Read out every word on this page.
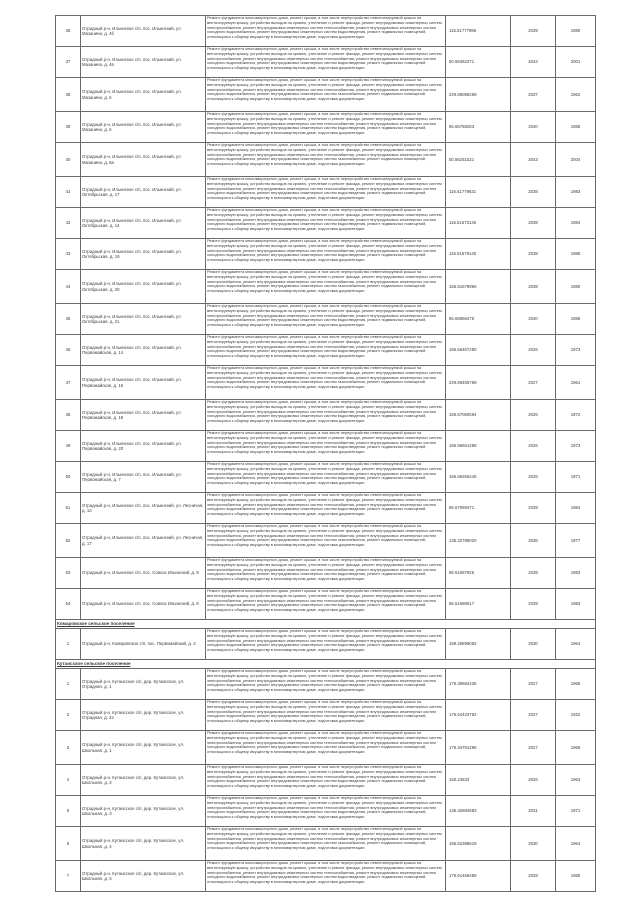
36	Отрадный р-н, Ильинское с/п, пос. Ильинский, ул. Мазанина, д. 4б	Ремонт фундамента многоквартирного дома, ремонт крыши, в том числе переустройство невентилируемой крыши на вентилируемую крышу, устройство выходов на кровлю, утепление и ремонт фасада, ремонт внутридомовых инженерных систем электроснабжения, ремонт внутридомовых инженерных систем теплоснабжения, ремонт внутридомовых инженерных систем холодного водоснабжения, ремонт внутридомовых инженерных систем водоотведения, ремонт подвальных помещений, относящихся к общему имуществу в многоквартирном доме, подготовка документации	115.51777986	2039	1980
37	Отрадный р-н, Ильинское с/п, пос. Ильинский, ул. Мазанина, д. 4в	Ремонт фундамента многоквартирного дома, ремонт крыши, в том числе переустройство невентилируемой крыши на вентилируемую крышу, устройство выходов на кровлю, утепление и ремонт фасада, ремонт внутридомовых инженерных систем электроснабжения, ремонт внутридомовых инженерных систем теплоснабжения, ремонт внутридомовых инженерных систем холодного водоснабжения, ремонт внутридомовых инженерных систем водоотведения, ремонт подвальных помещений, относящихся к общему имуществу в многоквартирном доме, подготовка документации	50.56352271	2043	2001
38	Отрадный р-н, Ильинское с/п, пос. Ильинский, ул. Мазанина, д. 5	Ремонт фундамента многоквартирного дома, ремонт крыши, в том числе переустройство невентилируемой крыши на вентилируемую крышу, устройство выходов на кровлю, утепление и ремонт фасада, ремонт внутридомовых инженерных систем электроснабжения, ремонт внутридомовых инженерных систем теплоснабжения, ремонт внутридомовых инженерных систем холодного водоснабжения, ремонт внутридомовых инженерных систем газоснабжения, ремонт подвальных помещений, относящихся к общему имуществу в многоквартирном доме, подготовка документации	229.69088259	2037	1962
39	Отрадный р-н, Ильинское с/п, пос. Ильинский, ул. Мазанина, д. 6	Ремонт фундамента многоквартирного дома, ремонт крыши, в том числе переустройство невентилируемой крыши на вентилируемую крышу, устройство выходов на кровлю, утепление и ремонт фасада, ремонт внутридомовых инженерных систем электроснабжения, ремонт внутридомовых инженерных систем теплоснабжения, ремонт внутридомовых инженерных систем холодного водоснабжения, ремонт внутридомовых инженерных систем водоотведения, ремонт подвальных помещений, относящихся к общему имуществу в многоквартирном доме, подготовка документации	86.66768283	2040	1985
40	Отрадный р-н, Ильинское с/п, пос. Ильинский, ул. Мазанина, д. 6а	Ремонт фундамента многоквартирного дома, ремонт крыши, в том числе переустройство невентилируемой крыши на вентилируемую крышу, устройство выходов на кровлю, утепление и ремонт фасада, ремонт внутридомовых инженерных систем электроснабжения, ремонт внутридомовых инженерных систем теплоснабжения, ремонт внутридомовых инженерных систем холодного водоснабжения, ремонт внутридомовых инженерных систем газоснабжения, ремонт подвальных помещений, относящихся к общему имуществу в многоквартирном доме, подготовка документации	50.56251521	2043	2004
41	Отрадный р-н, Ильинское с/п, пос. Ильинский, ул. Октябрьская, д. 17	Ремонт фундамента многоквартирного дома, ремонт крыши, в том числе переустройство невентилируемой крыши на вентилируемую крышу, устройство выходов на кровлю, утепление и ремонт фасада, ремонт внутридомовых инженерных систем электроснабжения, ремонт внутридомовых инженерных систем теплоснабжения, ремонт внутридомовых инженерных систем холодного водоснабжения, ремонт внутридомовых инженерных систем водоотведения, ремонт подвальных помещений, относящихся к общему имуществу в многоквартирном доме, подготовка документации	116.51779631	2038	1983
42	Отрадный р-н, Ильинское с/п, пос. Ильинский, ул. Октябрьская, д. 14	Ремонт фундамента многоквартирного дома, ремонт крыши, в том числе переустройство невентилируемой крыши на вентилируемую крышу, устройство выходов на кровлю, утепление и ремонт фасада, ремонт внутридомовых инженерных систем электроснабжения, ремонт внутридомовых инженерных систем теплоснабжения, ремонт внутридомовых инженерных систем холодного водоснабжения, ремонт внутридомовых инженерных систем водоотведения, ремонт подвальных помещений, относящихся к общему имуществу в многоквартирном доме, подготовка документации	116.51673146	2038	1984
43	Отрадный р-н, Ильинское с/п, пос. Ильинский, ул. Октябрьская, д. 19	Ремонт фундамента многоквартирного дома, ремонт крыши, в том числе переустройство невентилируемой крыши на вентилируемую крышу, устройство выходов на кровлю, утепление и ремонт фасада, ремонт внутридомовых инженерных систем электроснабжения, ремонт внутридомовых инженерных систем теплоснабжения, ремонт внутридомовых инженерных систем холодного водоснабжения, ремонт внутридомовых инженерных систем водоотведения, ремонт подвальных помещений, относящихся к общему имуществу в многоквартирном доме, подготовка документации	115.51679145	2038	1985
44	Отрадный р-н, Ильинское с/п, пос. Ильинский, ул. Октябрьская, д. 20	Ремонт фундамента многоквартирного дома, ремонт крыши, в том числе переустройство невентилируемой крыши на вентилируемую крышу, устройство выходов на кровлю, утепление и ремонт фасада, ремонт внутридомовых инженерных систем электроснабжения, ремонт внутридомовых инженерных систем теплоснабжения, ремонт внутридомовых инженерных систем холодного водоснабжения, ремонт внутридомовых инженерных систем газоснабжения, ремонт подвальных помещений, относящихся к общему имуществу в многоквартирном доме, подготовка документации	155.51578966	2038	1980
45	Отрадный р-н, Ильинское с/п, пос. Ильинский, ул. Октябрьская, д. 21	Ремонт фундамента многоквартирного дома, ремонт крыши, в том числе переустройство невентилируемой крыши на вентилируемую крышу, устройство выходов на кровлю, утепление и ремонт фасада, ремонт внутридомовых инженерных систем электроснабжения, ремонт внутридомовых инженерных систем теплоснабжения, ремонт внутридомовых инженерных систем холодного водоснабжения, ремонт внутридомовых инженерных систем водоотведения, ремонт подвальных помещений, относящихся к общему имуществу в многоквартирном доме, подготовка документации	86.66966476	2040	1986
46	Отрадный р-н, Ильинское с/п, пос. Ильинский, ул. Первомайская, д. 14	Ремонт фундамента многоквартирного дома, ремонт крыши, в том числе переустройство невентилируемой крыши на вентилируемую крышу, устройство выходов на кровлю, утепление и ремонт фасада, ремонт внутридомовых инженерных систем электроснабжения, ремонт внутридомовых инженерных систем теплоснабжения, ремонт внутридомовых инженерных систем холодного водоснабжения, ремонт внутридомовых инженерных систем водоотведения, ремонт подвальных помещений, относящихся к общему имуществу в многоквартирном доме, подготовка документации	166.56467280	2026	1973
47	Отрадный р-н, Ильинское с/п, пос. Ильинский, ул. Первомайская, д. 16	Ремонт фундамента многоквартирного дома, ремонт крыши, в том числе переустройство невентилируемой крыши на вентилируемую крышу, устройство выходов на кровлю, утепление и ремонт фасада, ремонт внутридомовых инженерных систем электроснабжения, ремонт внутридомовых инженерных систем теплоснабжения, ремонт внутридомовых инженерных систем холодного водоснабжения, ремонт внутридомовых инженерных систем газоснабжения, ремонт подвальных помещений, относящихся к общему имуществу в многоквартирном доме, подготовка документации	229.69465769	2027	1961
48	Отрадный р-н, Ильинское с/п, пос. Ильинский, ул. Первомайская, д. 18	Ремонт фундамента многоквартирного дома, ремонт крыши, в том числе переустройство невентилируемой крыши на вентилируемую крышу, устройство выходов на кровлю, утепление и ремонт фасада, ремонт внутридомовых инженерных систем электроснабжения, ремонт внутридомовых инженерных систем теплоснабжения, ремонт внутридомовых инженерных систем холодного водоснабжения, ремонт внутридомовых инженерных систем водоотведения, ремонт подвальных помещений, относящихся к общему имуществу в многоквартирном доме, подготовка документации	166.57060594	2026	1972
49	Отрадный р-н, Ильинское с/п, пос. Ильинский, ул. Первомайская, д. 20	Ремонт фундамента многоквартирного дома, ремонт крыши, в том числе переустройство невентилируемой крыши на вентилируемую крышу, устройство выходов на кровлю, утепление и ремонт фасада, ремонт внутридомовых инженерных систем электроснабжения, ремонт внутридомовых инженерных систем теплоснабжения, ремонт внутридомовых инженерных систем холодного водоснабжения, ремонт внутридомовых инженерных систем водоотведения, ремонт подвальных помещений, относящихся к общему имуществу в многоквартирном доме, подготовка документации	166.56661288	2026	1973
50	Отрадный р-н, Ильинское с/п, пос. Ильинский, ул. Первомайская, д. 7	Ремонт фундамента многоквартирного дома, ремонт крыши, в том числе переустройство невентилируемой крыши на вентилируемую крышу, устройство выходов на кровлю, утепление и ремонт фасада, ремонт внутридомовых инженерных систем электроснабжения, ремонт внутридомовых инженерных систем теплоснабжения, ремонт внутридомовых инженерных систем холодного водоснабжения, ремонт внутридомовых инженерных систем водоотведения, ремонт подвальных помещений, относящихся к общему имуществу в многоквартирном доме, подготовка документации	166.56266246	2026	1971
51	Отрадный р-н, Ильинское с/п, пос. Ильинский, ул. Лесничая, д. 13	Ремонт фундамента многоквартирного дома, ремонт крыши, в том числе переустройство невентилируемой крыши на вентилируемую крышу, устройство выходов на кровлю, утепление и ремонт фасада, ремонт внутридомовых инженерных систем электроснабжения, ремонт внутридомовых инженерных систем теплоснабжения, ремонт внутридомовых инженерных систем холодного водоснабжения, ремонт внутридомовых инженерных систем водоотведения, ремонт подвальных помещений, относящихся к общему имуществу в многоквартирном доме, подготовка документации	86.67069471	2039	1984
52	Отрадный р-н, Ильинское с/п, пос. Ильинский, ул. Лесничая, д. 17	Ремонт фундамента многоквартирного дома, ремонт крыши, в том числе переустройство невентилируемой крыши на вентилируемую крышу, устройство выходов на кровлю, утепление и ремонт фасада, ремонт внутридомовых инженерных систем электроснабжения, ремонт внутридомовых инженерных систем теплоснабжения, ремонт внутридомовых инженерных систем холодного водоснабжения, ремонт внутридомовых инженерных систем газоснабжения, ремонт подвальных помещений, относящихся к общему имуществу в многоквартирном доме, подготовка документации	135.32789020	2036	1977
53	Отрадный р-н, Ильинское с/п, пос. Совхоз Ильинский, д. 8	Ремонт фундамента многоквартирного дома, ремонт крыши, в том числе переустройство невентилируемой крыши на вентилируемую крышу, устройство выходов на кровлю, утепление и ремонт фасада, ремонт внутридомовых инженерных систем электроснабжения, ремонт внутридомовых инженерных систем теплоснабжения, ремонт внутридомовых инженерных систем холодного водоснабжения, ремонт внутридомовых инженерных систем водоотведения, ремонт подвальных помещений, относящихся к общему имуществу в многоквартирном доме, подготовка документации	86.51687926	2039	1983
54	Отрадный р-н, Ильинское с/п, пос. Совхоз Ильинский, д. 9	Ремонт фундамента многоквартирного дома, ремонт крыши, в том числе переустройство невентилируемой крыши на вентилируемую крышу, устройство выходов на кровлю, утепление и ремонт фасада, ремонт внутридомовых инженерных систем электроснабжения, ремонт внутридомовых инженерных систем теплоснабжения, ремонт внутридомовых инженерных систем холодного водоснабжения, ремонт внутридомовых инженерных систем водоотведения, ремонт подвальных помещений, относящихся к общему имуществу в многоквартирном доме, подготовка документации	86.51688617	2039	1983
Комаровское сельское поселение					
1	Отрадный р-н, Комаровское с/п, пос. Первомайский, д. 2	Ремонт фундамента многоквартирного дома, ремонт крыши, в том числе переустройство невентилируемой крыши на вентилируемую крышу, устройство выходов на кровлю, утепление и ремонт фасада, ремонт внутридомовых инженерных систем электроснабжения, ремонт внутридомовых инженерных систем теплоснабжения, ремонт внутридомовых инженерных систем холодного водоснабжения, ремонт внутридомовых инженерных систем водоотведения, ремонт подвальных помещений, относящихся к общему имуществу в многоквартирном доме, подготовка документации	159.26899082	2030	1964
Кутаисское сельское поселение					
1	Отрадный р-н, Кутаисское с/п, дер. Кутаисское, ул. Отрадная, д. 1	Ремонт фундамента многоквартирного дома, ремонт крыши, в том числе переустройство невентилируемой крыши на вентилируемую крышу, устройство выходов на кровлю, утепление и ремонт фасада, ремонт внутридомовых инженерных систем электроснабжения, ремонт внутридомовых инженерных систем теплоснабжения, ремонт внутридомовых инженерных систем холодного водоснабжения, ремонт внутридомовых инженерных систем водоотведения, ремонт подвальных помещений, относящихся к общему имуществу в многоквартирном доме, подготовка документации	176.35682436	2027	1965
2	Отрадный р-н, Кутаисское с/п, дер. Кутаисское, ул. Отрадная, д. 22	Ремонт фундамента многоквартирного дома, ремонт крыши, в том числе переустройство невентилируемой крыши на вентилируемую крышу, устройство выходов на кровлю, утепление и ремонт фасада, ремонт внутридомовых инженерных систем электроснабжения, ремонт внутридомовых инженерных систем теплоснабжения, ремонт внутридомовых инженерных систем холодного водоснабжения, ремонт внутридомовых инженерных систем водоотведения, ремонт подвальных помещений, относящихся к общему имуществу в многоквартирном доме, подготовка документации	176.64423782	2027	1922
3	Отрадный р-н, Кутаисское с/п, дер. Кутаисское, ул. Школьная, д. 1	Ремонт фундамента многоквартирного дома, ремонт крыши, в том числе переустройство невентилируемой крыши на вентилируемую крышу, устройство выходов на кровлю, утепление и ремонт фасада, ремонт внутридомовых инженерных систем электроснабжения, ремонт внутридомовых инженерных систем теплоснабжения, ремонт внутридомовых инженерных систем холодного водоснабжения, ремонт внутридомовых инженерных систем газоснабжения, ремонт подвальных помещений, относящихся к общему имуществу в многоквартирном доме, подготовка документации	176.34791296	2027	1969
4	Отрадный р-н, Кутаисское с/п, дер. Кутаисское, ул. Школьная, д. 2	Ремонт фундамента многоквартирного дома, ремонт крыши, в том числе переустройство невентилируемой крыши на вентилируемую крышу, устройство выходов на кровлю, утепление и ремонт фасада, ремонт внутридомовых инженерных систем электроснабжения, ремонт внутридомовых инженерных систем теплоснабжения, ремонт внутридомовых инженерных систем холодного водоснабжения, ремонт внутридомовых инженерных систем водоотведения, ремонт подвальных помещений, относящихся к общему имуществу в многоквартирном доме, подготовка документации	150.24533	2026	1963
5	Отрадный р-н, Кутаисское с/п, дер. Кутаисское, ул. Школьная, д. 3	Ремонт фундамента многоквартирного дома, ремонт крыши, в том числе переустройство невентилируемой крыши на вентилируемую крышу, устройство выходов на кровлю, утепление и ремонт фасада, ремонт внутридомовых инженерных систем электроснабжения, ремонт внутридомовых инженерных систем теплоснабжения, ремонт внутридомовых инженерных систем холодного водоснабжения, ремонт внутридомовых инженерных систем водоотведения, ремонт подвальных помещений, относящихся к общему имуществу в многоквартирном доме, подготовка документации	135.32884583	2031	1971
6	Отрадный р-н, Кутаисское с/п, дер. Кутаисское, ул. Школьная, д. 4	Ремонт фундамента многоквартирного дома, ремонт крыши, в том числе переустройство невентилируемой крыши на вентилируемую крышу, устройство выходов на кровлю, утепление и ремонт фасада, ремонт внутридомовых инженерных систем электроснабжения, ремонт внутридомовых инженерных систем теплоснабжения, ремонт внутридомовых инженерных систем холодного водоснабжения, ремонт внутридомовых инженерных систем газоснабжения, ремонт подвальных помещений, относящихся к общему имуществу в многоквартирном доме, подготовка документации	155.52388619	2030	1964
7	Отрадный р-н, Кутаисское с/п, дер. Кутаисское, ул. Школьная, д. 5	Ремонт фундамента многоквартирного дома, ремонт крыши, в том числе переустройство невентилируемой крыши на вентилируемую крышу, устройство выходов на кровлю, утепление и ремонт фасада, ремонт внутридомовых инженерных систем электроснабжения, ремонт внутридомовых инженерных систем теплоснабжения, ремонт внутридомовых инженерных систем холодного водоснабжения, ремонт внутридомовых инженерных систем водоотведения, ремонт подвальных помещений, относящихся к общему имуществу в многоквартирном доме, подготовка документации	176.61466489	2028	1980
